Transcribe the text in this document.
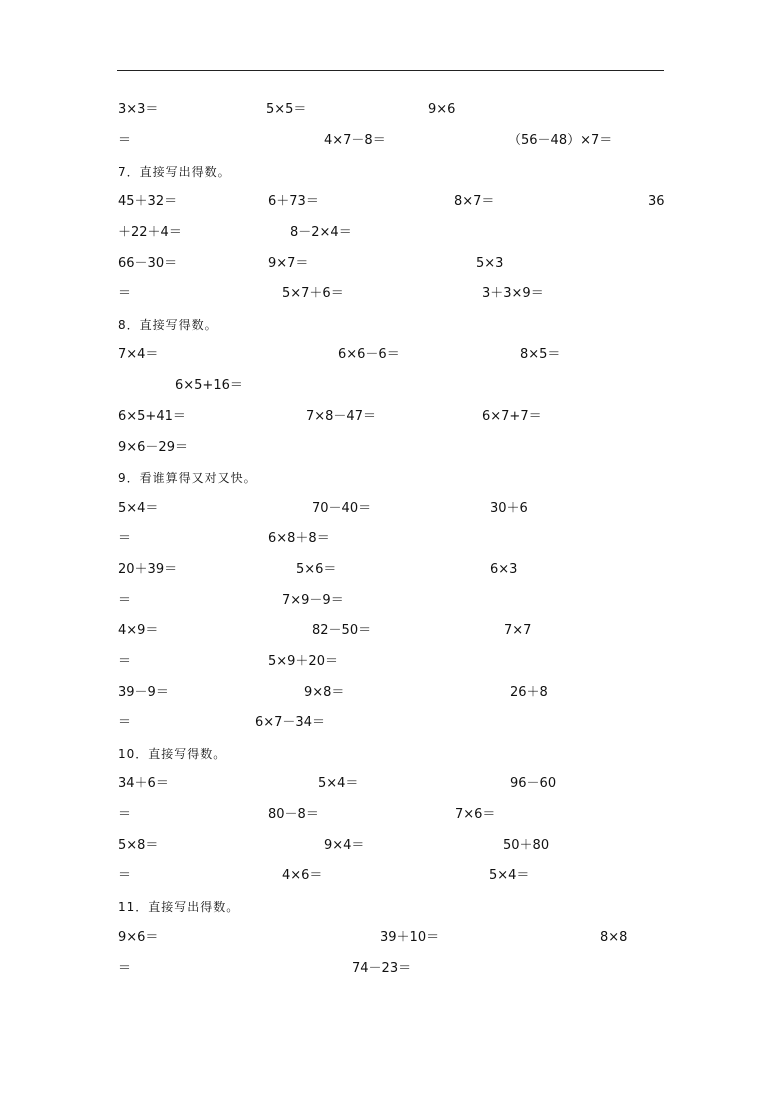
3×3＝	5×5＝	9×6
＝	4×7－8＝	（56－48）×7＝
7．直接写出得数。
45＋32＝	6＋73＝	8×7＝	36
＋22＋4＝	8－2×4＝
66－30＝	9×7＝	5×3
＝	5×7＋6＝	3＋3×9＝
8．直接写得数。
7×4＝	6×6－6＝	8×5＝
6×5+16＝
6×5+41＝	7×8－47＝	6×7+7＝
9×6－29＝
9．看谁算得又对又快。
5×4＝	70－40＝	30＋6
＝	6×8＋8＝
20＋39＝	5×6＝	6×3
＝	7×9－9＝
4×9＝	82－50＝	7×7
＝	5×9＋20＝
39－9＝	9×8＝	26＋8
＝	6×7－34＝
10．直接写得数。
34＋6＝	5×4＝	96－60
＝	80－8＝	7×6＝
5×8＝	9×4＝	50＋80
＝	4×6＝	5×4＝
11．直接写出得数。
9×6＝	39＋10＝	8×8
＝	74－23＝
